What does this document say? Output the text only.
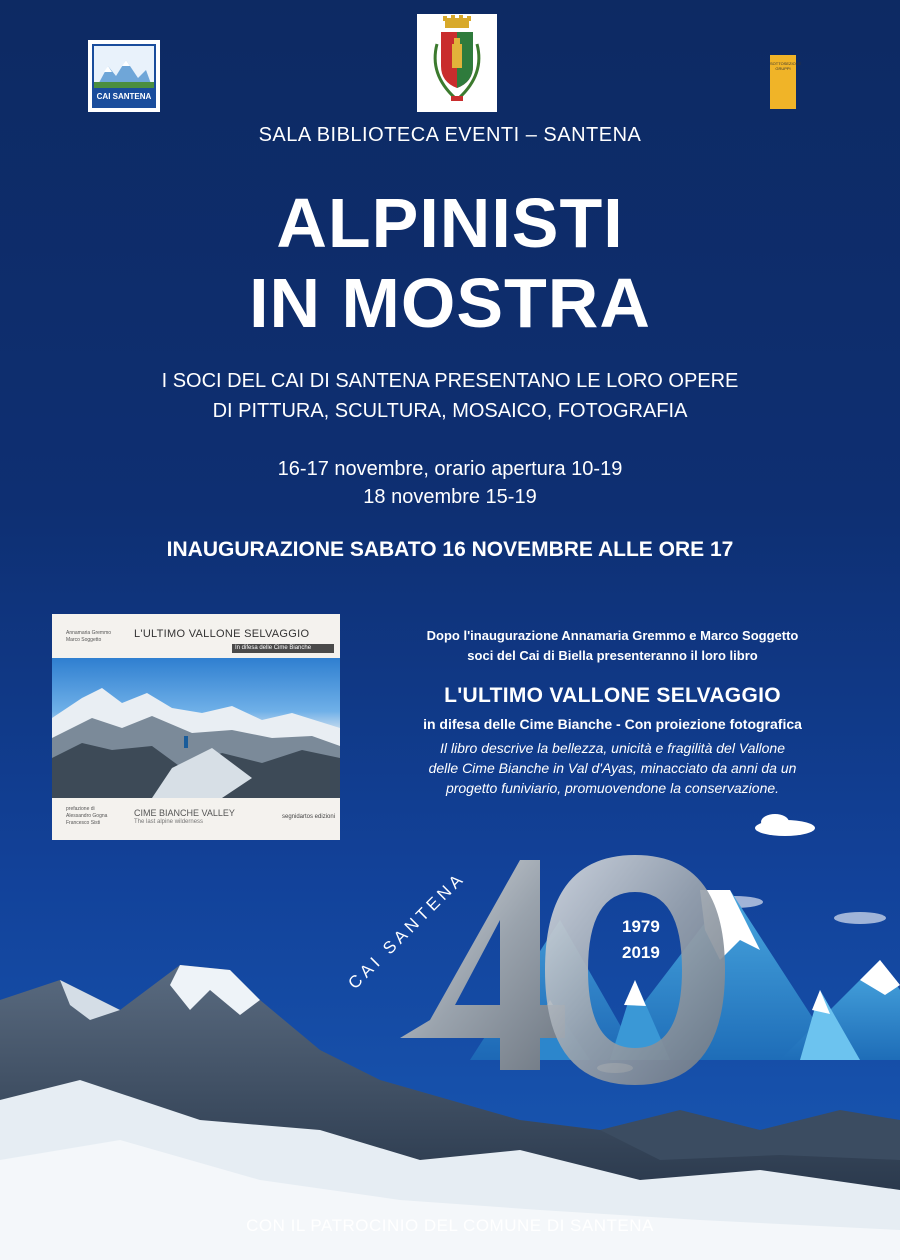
CAI SANTENA
SOTTOSEZIONE GRUPPI
SALA BIBLIOTECA EVENTI – SANTENA
ALPINISTI
IN MOSTRA
I SOCI DEL CAI DI SANTENA PRESENTANO LE LORO OPERE
DI PITTURA, SCULTURA, MOSAICO, FOTOGRAFIA
16-17 novembre, orario apertura 10-19
18 novembre 15-19
INAUGURAZIONE SABATO 16 NOVEMBRE ALLE ORE 17
Annamaria Gremmo
Marco Soggetto	L'ULTIMO VALLONE SELVAGGIO
In difesa delle Cime Bianche
prefazione di
Alessandro Gogna
Francesco Sisti
CIME BIANCHE VALLEY
The last alpine wilderness
segnidartos edizioni
Dopo l'inaugurazione Annamaria Gremmo e Marco Soggetto
soci del Cai di Biella presenteranno il loro libro
L'ULTIMO VALLONE SELVAGGIO
in difesa delle Cime Bianche - Con proiezione fotografica
Il libro descrive la bellezza, unicità e fragilità del Vallone
delle Cime Bianche in Val d'Ayas, minacciato da anni da un
progetto funiviario, promuovendone la conservazione.
CAI SANTENA	1979
2019
CON IL PATROCINIO DEL COMUNE DI SANTENA
